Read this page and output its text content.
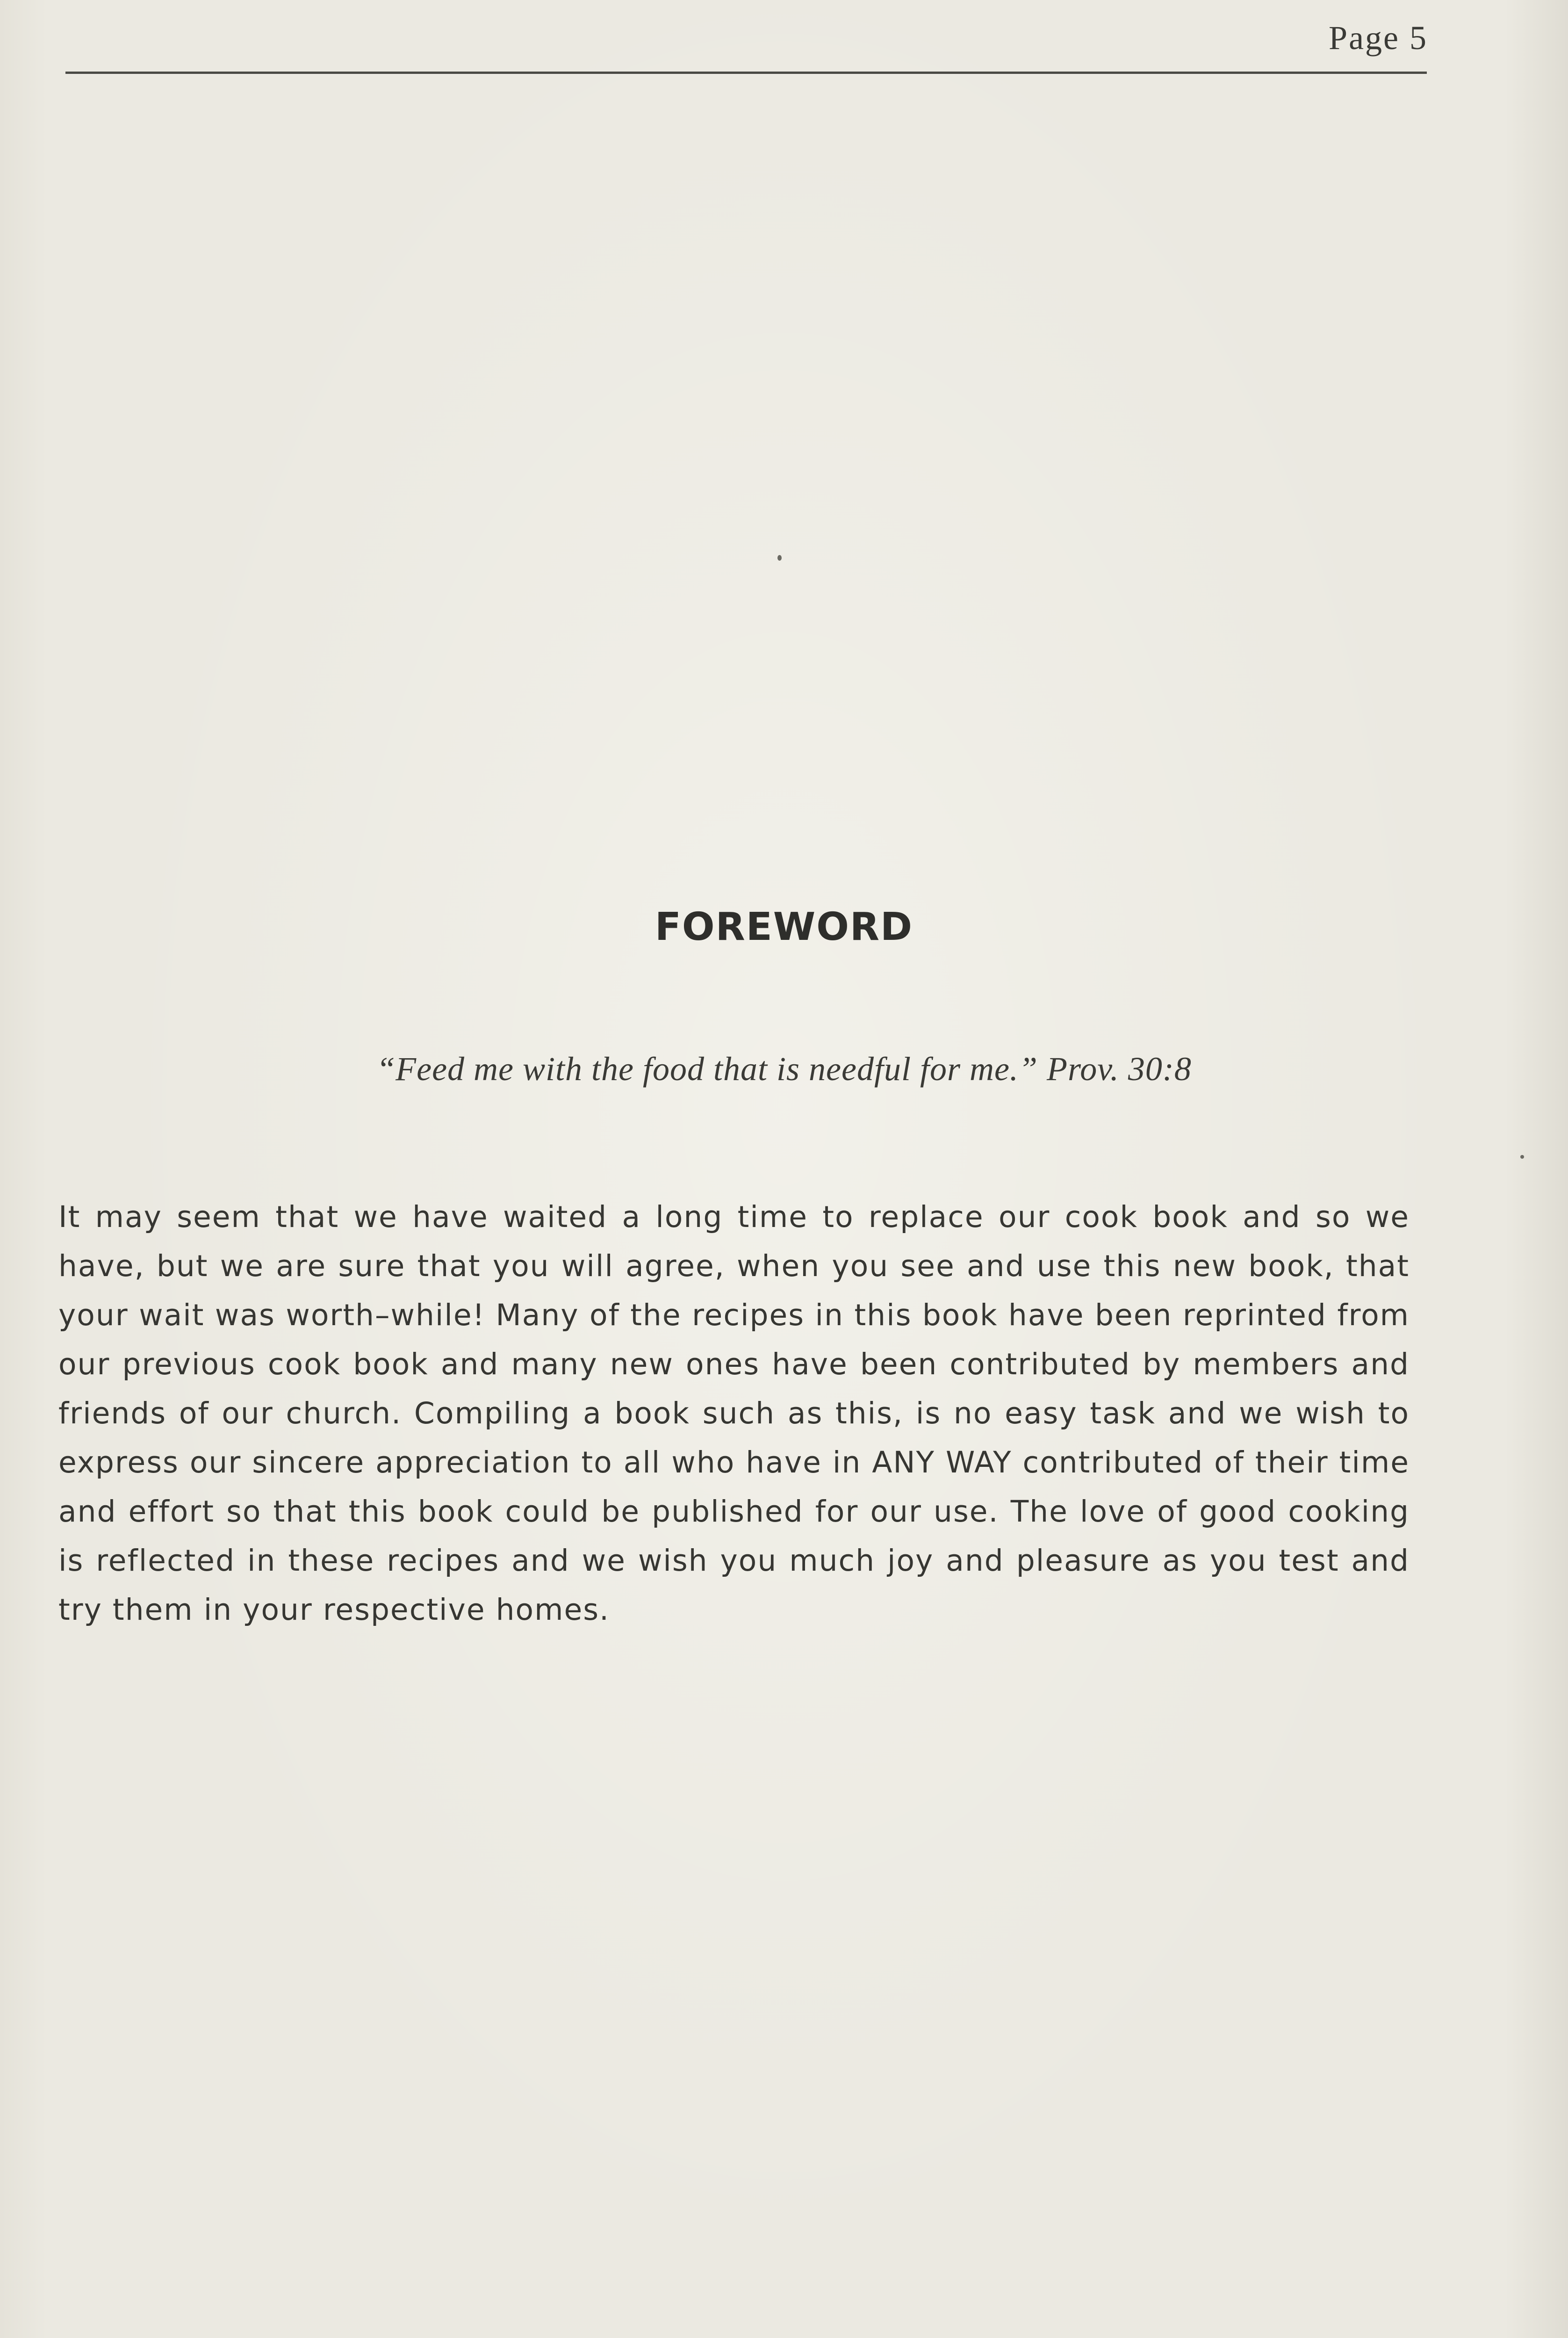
Page 5
FOREWORD
“Feed me with the food that is needful for me.” Prov. 30:8
It may seem that we have waited a long time to replace our cook book and so we have, but we are sure that you will agree, when you see and use this new book, that your wait was worth–while! Many of the recipes in this book have been reprinted from our previous cook book and many new ones have been contributed by members and friends of our church. Compiling a book such as this, is no easy task and we wish to express our sincere appreciation to all who have in ANY WAY contributed of their time and effort so that this book could be published for our use. The love of good cooking is reflected in these recipes and we wish you much joy and pleasure as you test and try them in your respective homes.
